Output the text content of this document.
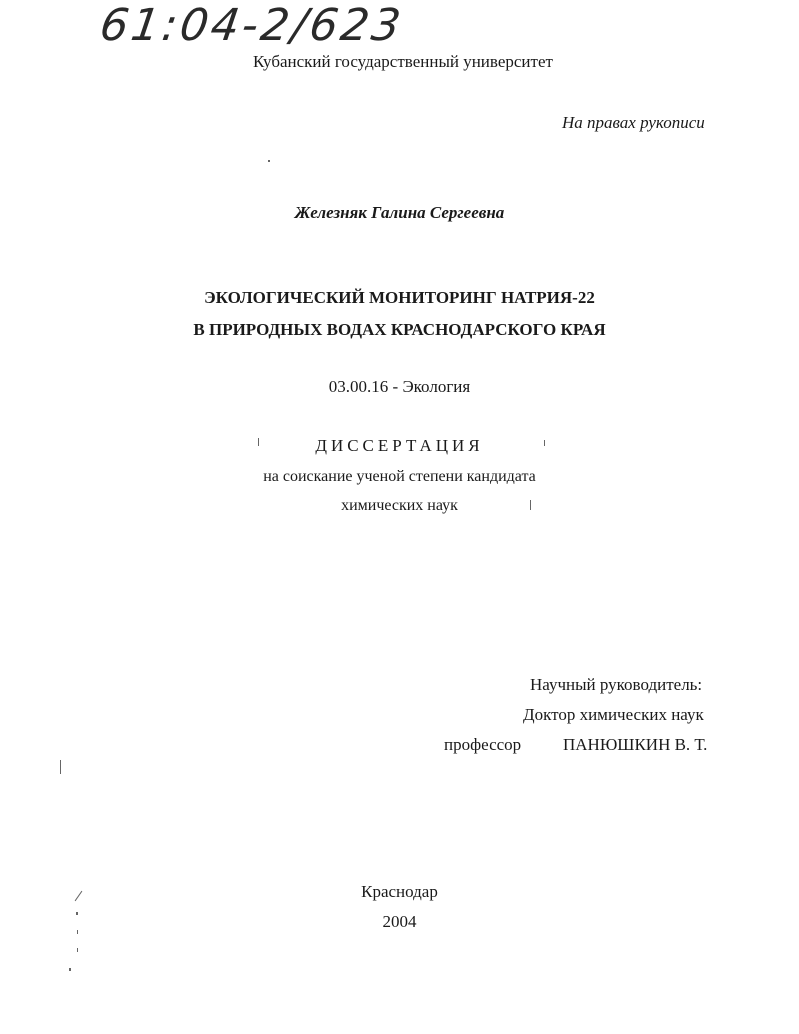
61:04-2/623
Кубанский государственный университет
На правах рукописи
Железняк Галина Сергеевна
ЭКОЛОГИЧЕСКИЙ МОНИТОРИНГ НАТРИЯ-22
В ПРИРОДНЫХ ВОДАХ КРАСНОДАРСКОГО КРАЯ
03.00.16 - Экология
ДИССЕРТАЦИЯ
на соискание ученой степени кандидата
химических наук
Научный руководитель:
Доктор химических наук
профессор ПАНЮШКИН В. Т.
Краснодар
2004
